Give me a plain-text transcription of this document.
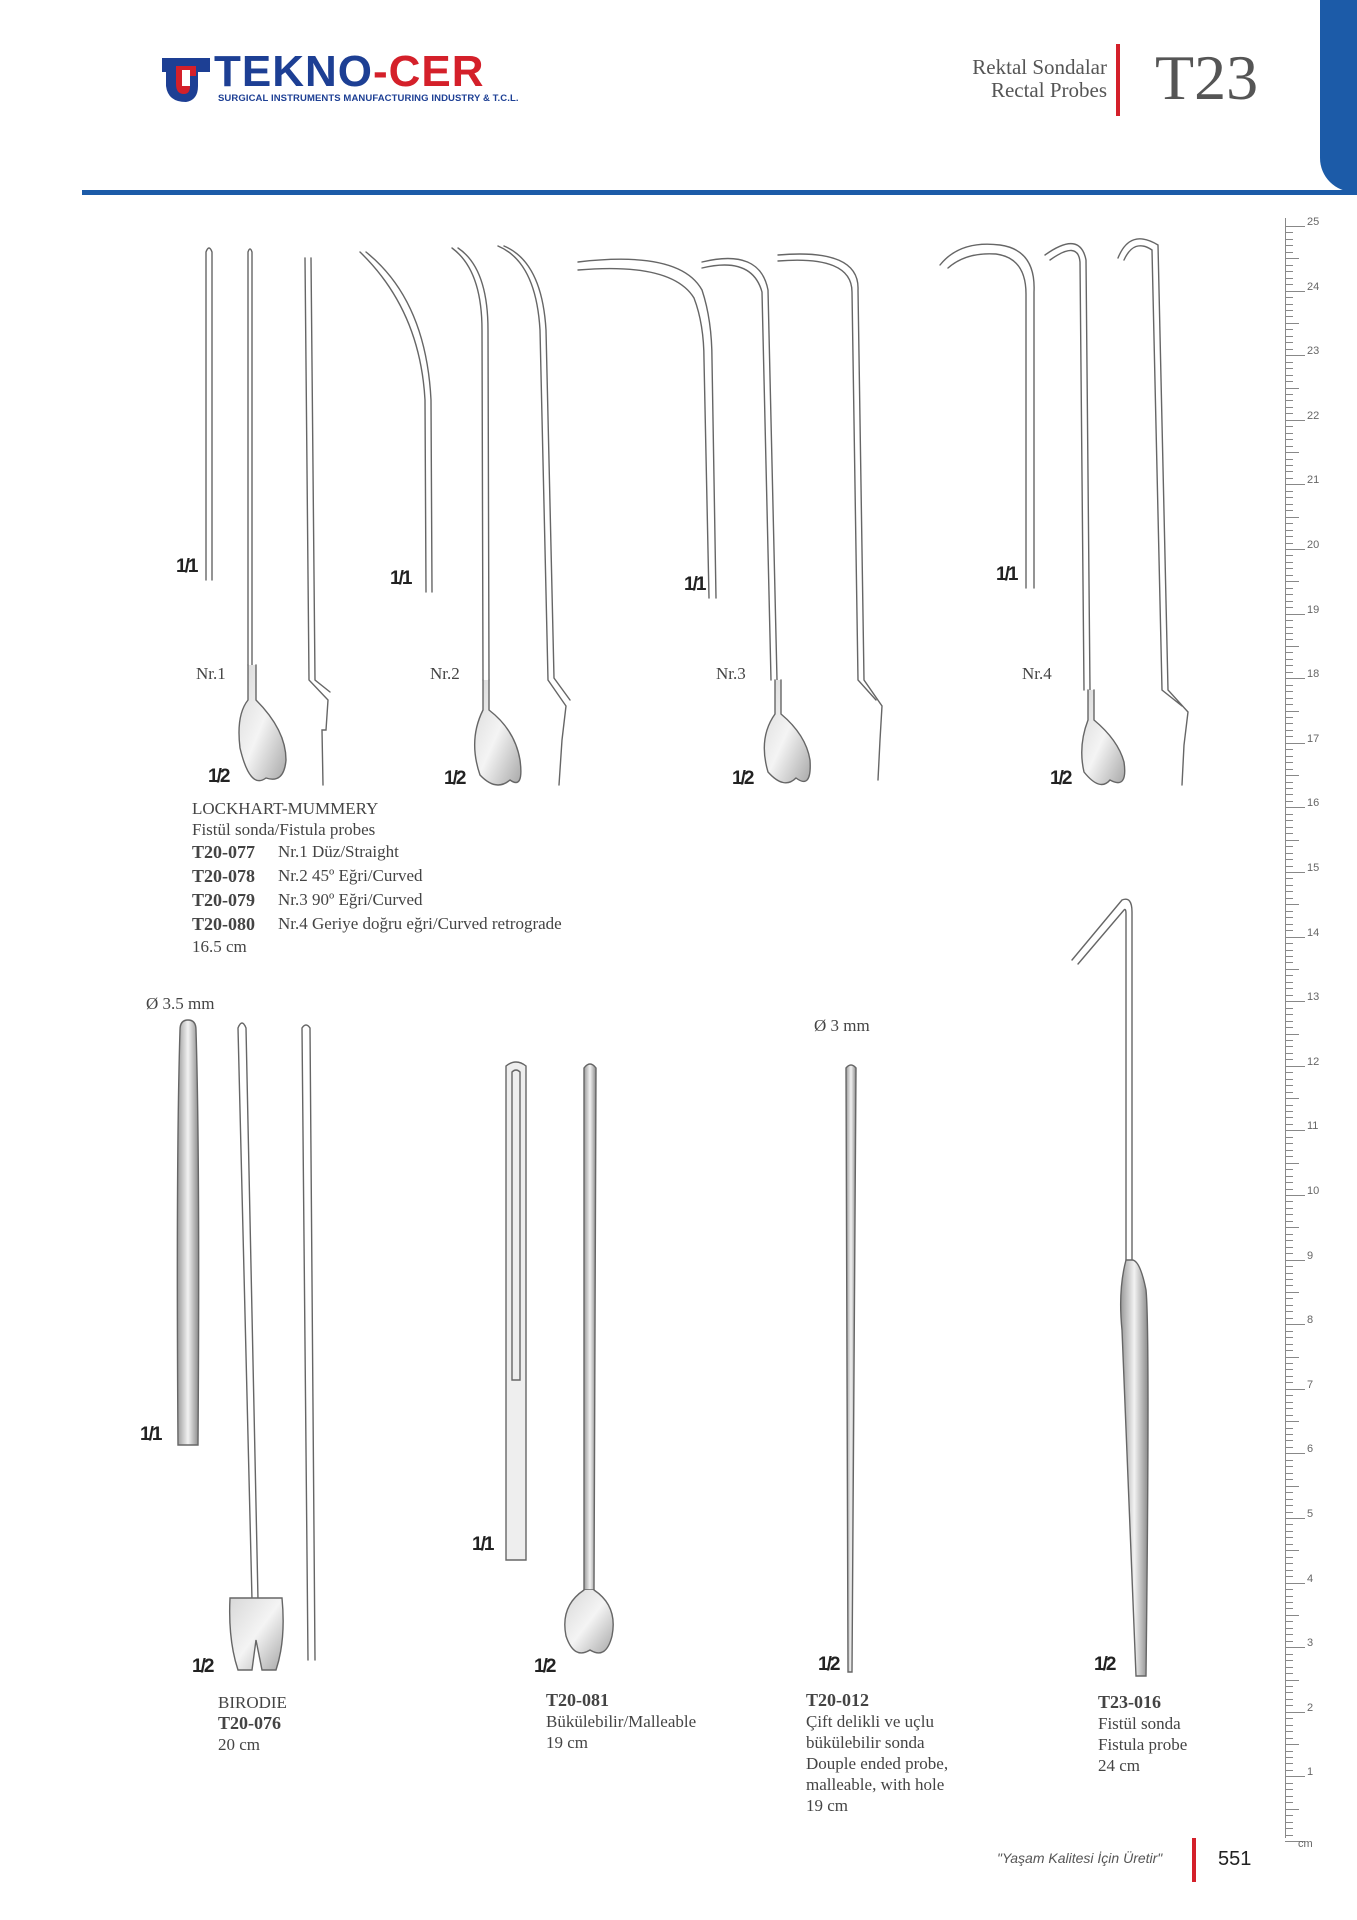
TEKNO-CER
SURGICAL INSTRUMENTS MANUFACTURING INDUSTRY & T.C.L.
Rektal Sondalar
Rectal Probes T23
25
24
23
22
21
20
19
18
17
16
15
14
13
12
11
10
9
8
7
6
5
4
3
2
1
cm
Nr.1	Nr.2	Nr.3	Nr.4
1/1
1/1	1/1	1/1
1/2	1/2	1/2	1/2
LOCKHART-MUMMERY
Fistül sonda/Fistula probes
T20-077	Nr.1 Düz/Straight
T20-078	Nr.2 45º Eğri/Curved
T20-079	Nr.3 90º Eğri/Curved
T20-080	Nr.4 Geriye doğru eğri/Curved retrograde
16.5 cm
Ø 3.5 mm
1/1
1/2
BIRODIE
T20-076
20 cm
1/1
1/2
T20-081
Bükülebilir/Malleable
19 cm
Ø 3 mm
1/2
T20-012
Çift delikli ve uçlu
bükülebilir sonda
Douple ended probe,
malleable, with hole
19 cm
1/2
T23-016
Fistül sonda
Fistula probe
24 cm
"Yaşam Kalitesi İçin Üretir"	551
